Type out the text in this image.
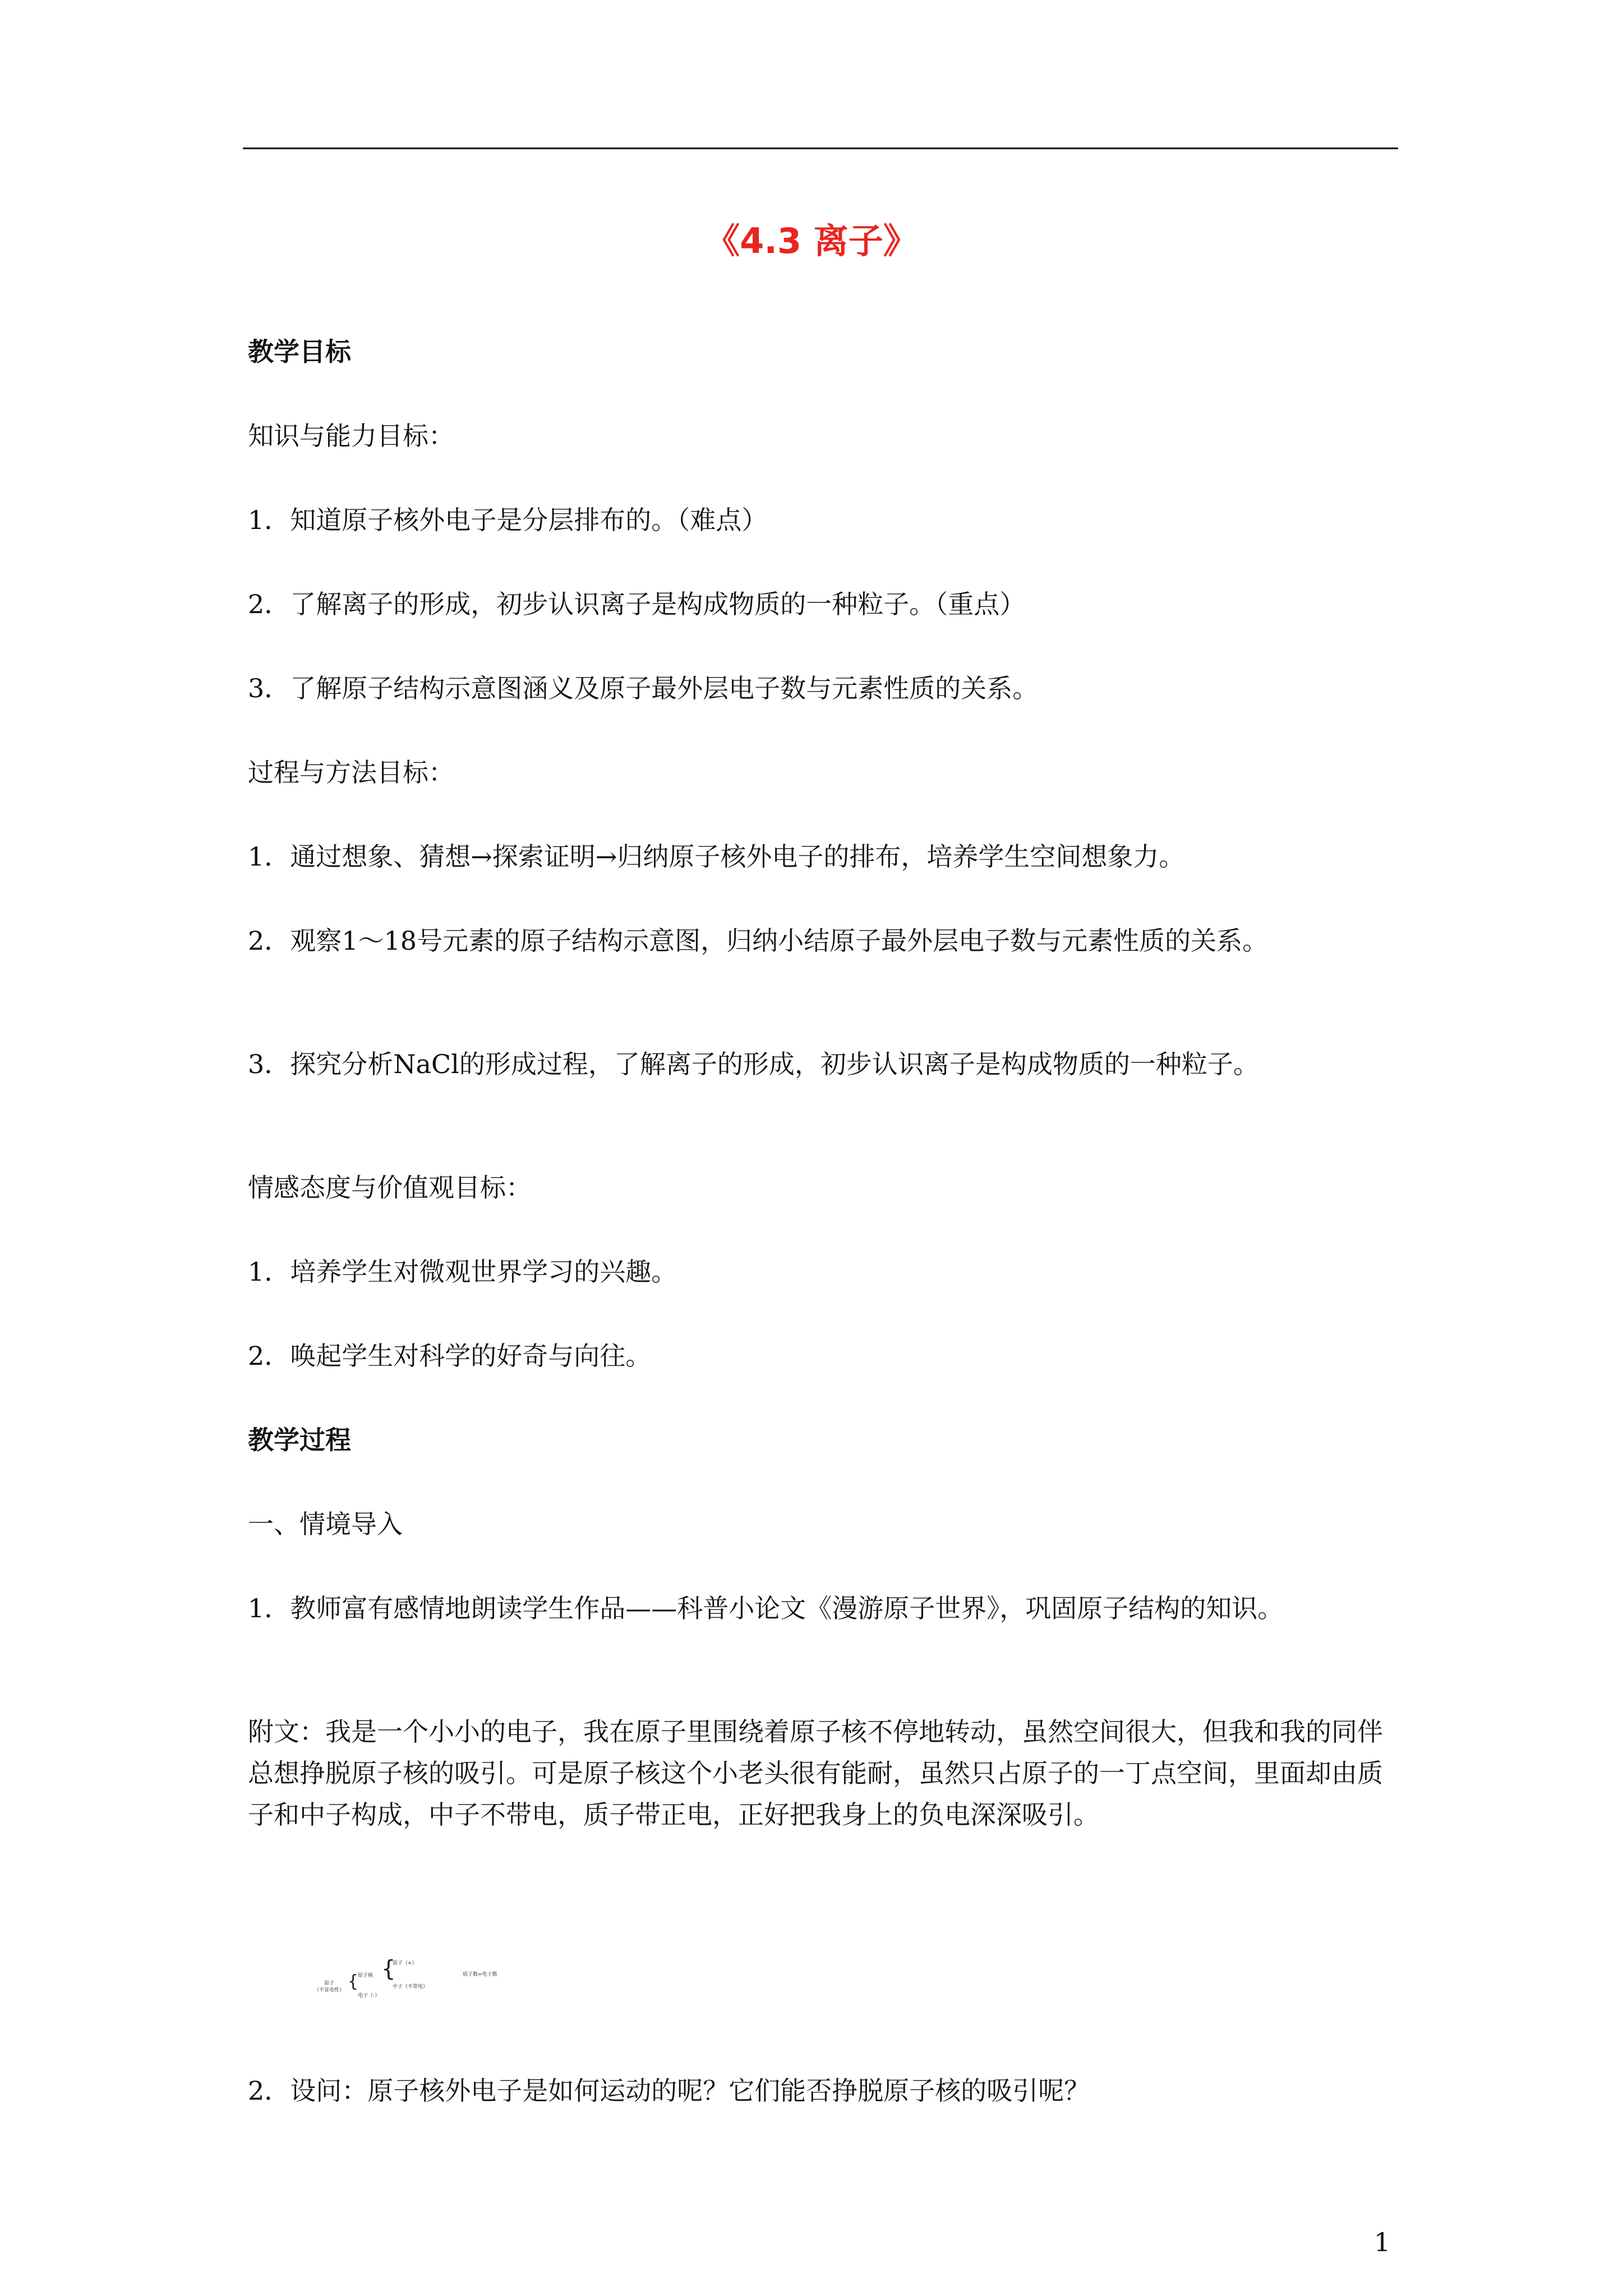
《4.3 离子》
教学目标
知识与能力目标：
1．知道原子核外电子是分层排布的。（难点）
2．了解离子的形成，初步认识离子是构成物质的一种粒子。（重点）
3．了解原子结构示意图涵义及原子最外层电子数与元素性质的关系。
过程与方法目标：
1．通过想象、猜想→探索证明→归纳原子核外电子的排布，培养学生空间想象力。
2．观察1～18号元素的原子结构示意图，归纳小结原子最外层电子数与元素性质的关系。
3．探究分析NaCl的形成过程，了解离子的形成，初步认识离子是构成物质的一种粒子。
情感态度与价值观目标：
1．培养学生对微观世界学习的兴趣。
2．唤起学生对科学的好奇与向往。
教学过程
一、情境导入
1．教师富有感情地朗读学生作品——科普小论文《漫游原子世界》，巩固原子结构的知识。
附文：我是一个小小的电子，我在原子里围绕着原子核不停地转动，虽然空间很大，但我和我的同伴总想挣脱原子核的吸引。可是原子核这个小老头很有能耐，虽然只占原子的一丁点空间，里面却由质子和中子构成，中子不带电，质子带正电，正好把我身上的负电深深吸引。
原子
（不显电性） {
原子核
电子（-）
{
质子（+）
中子（不带电）
质子数=电子数
2．设问：原子核外电子是如何运动的呢？它们能否挣脱原子核的吸引呢？
1
